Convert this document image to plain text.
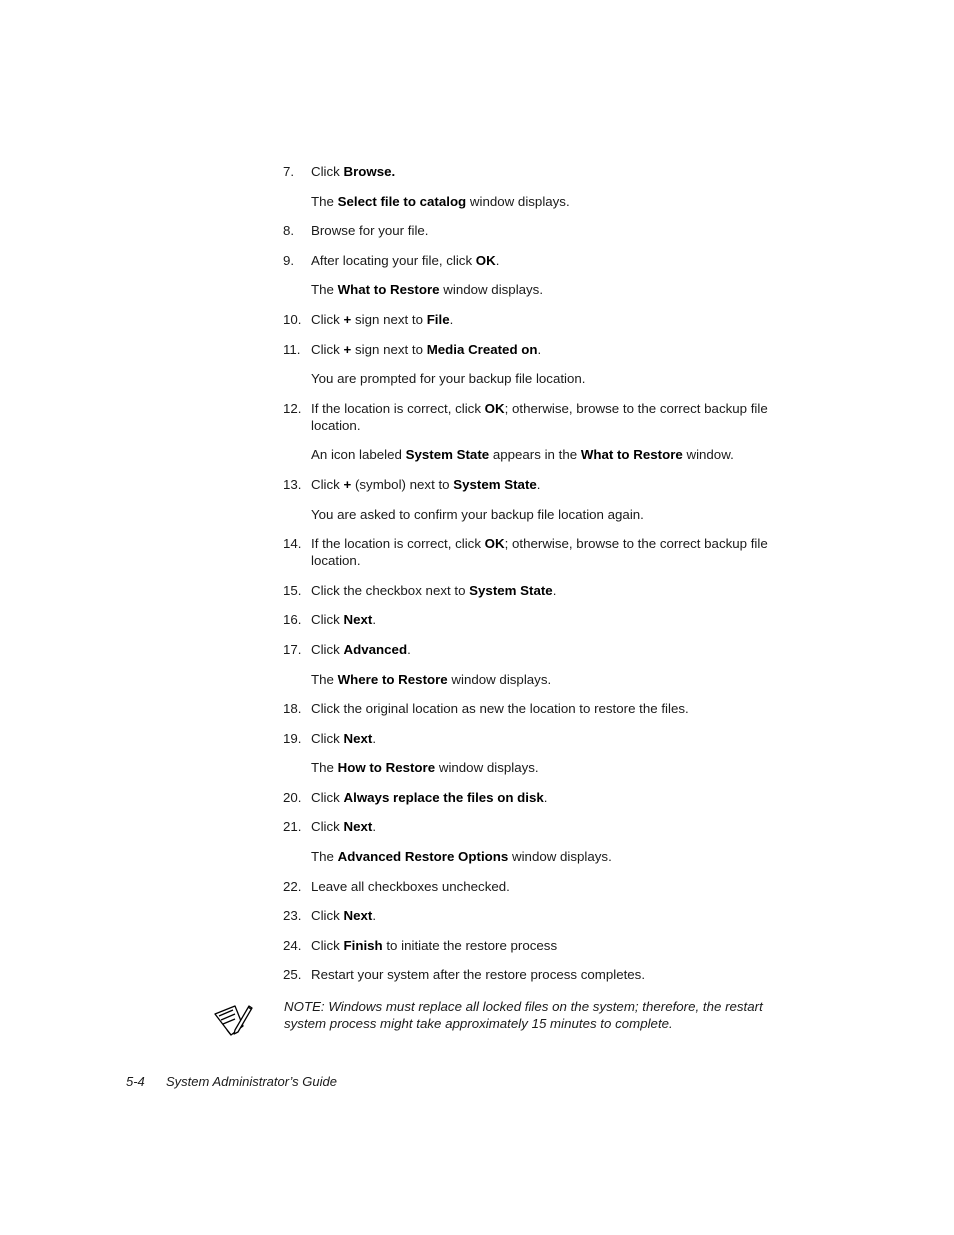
7. Click Browse.
The Select file to catalog window displays.
8. Browse for your file.
9. After locating your file, click OK.
The What to Restore window displays.
10. Click + sign next to File.
11. Click + sign next to Media Created on.
You are prompted for your backup file location.
12. If the location is correct, click OK; otherwise, browse to the correct backup file location.
An icon labeled System State appears in the What to Restore window.
13. Click + (symbol) next to System State.
You are asked to confirm your backup file location again.
14. If the location is correct, click OK; otherwise, browse to the correct backup file location.
15. Click the checkbox next to System State.
16. Click Next.
17. Click Advanced.
The Where to Restore window displays.
18. Click the original location as new the location to restore the files.
19. Click Next.
The How to Restore window displays.
20. Click Always replace the files on disk.
21. Click Next.
The Advanced Restore Options window displays.
22. Leave all checkboxes unchecked.
23. Click Next.
24. Click Finish to initiate the restore process
25. Restart your system after the restore process completes.
NOTE: Windows must replace all locked files on the system; therefore, the restart system process might take approximately 15 minutes to complete.
5-4 System Administrator’s Guide
